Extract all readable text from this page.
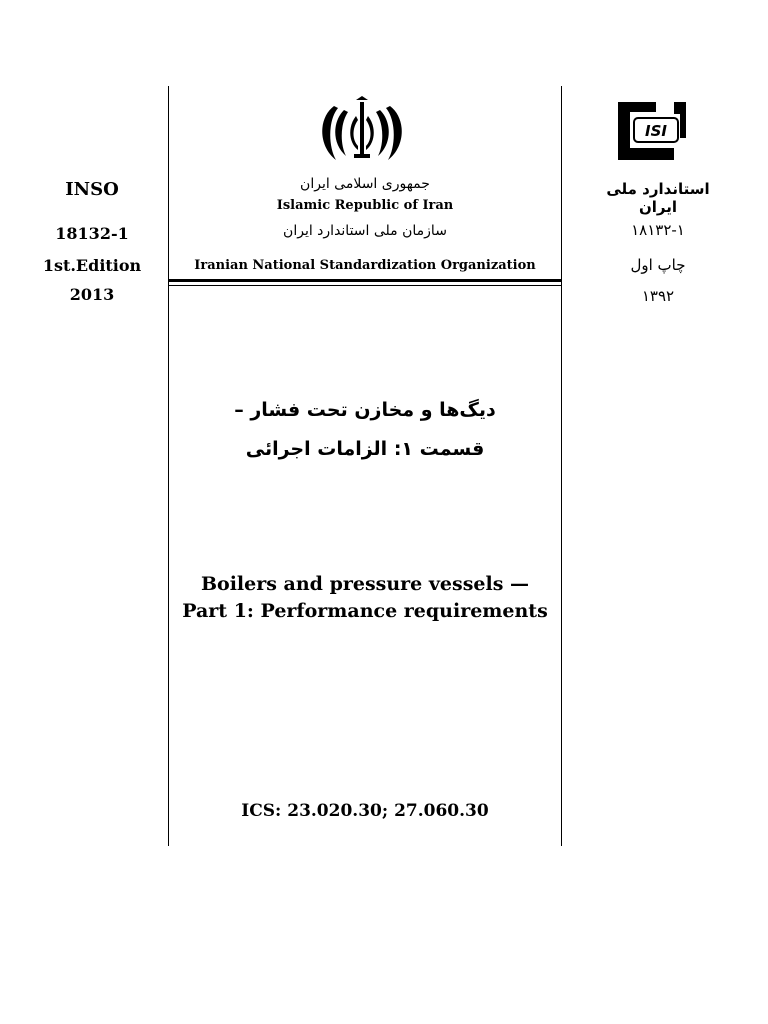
INSO
18132-1
1st.Edition
2013
ISI
استاندارد ملی ایران
۱۸۱۳۲-۱
چاپ اول
۱۳۹۲
جمهوری اسلامی ایران
Islamic Republic of Iran
سازمان ملی استاندارد ایران
Iranian National Standardization Organization
دیگ‌ها و مخازن تحت فشار –
قسمت ۱: الزامات اجرائی
Boilers and pressure vessels —
Part 1: Performance requirements
ICS: 23.020.30; 27.060.30
